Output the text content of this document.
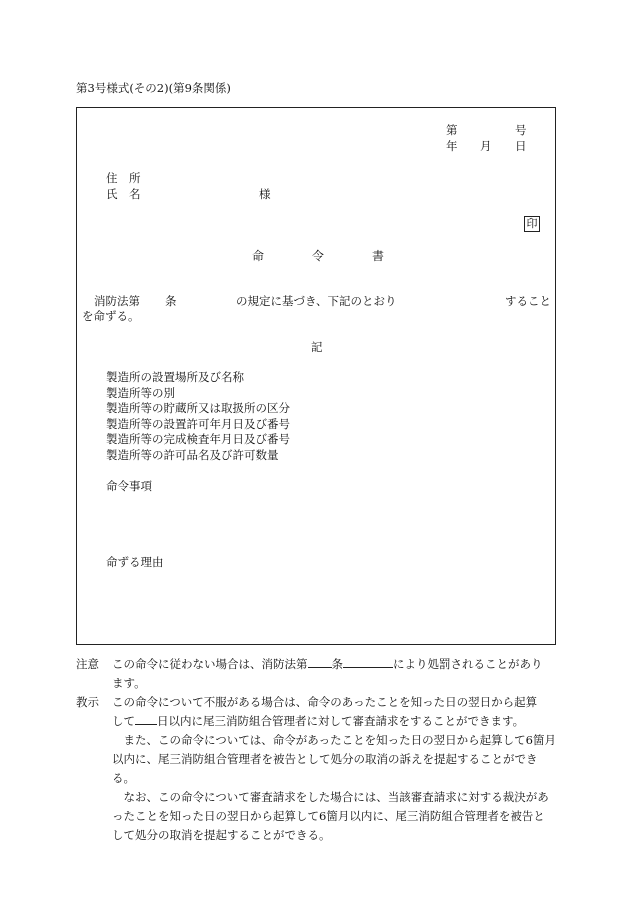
第3号様式(その2)(第9条関係)
第	号
年 月 日
住　所
氏　名	様
印
命	令	書
消防法第 条	の規定に基づき、下記のとおり	すること
を命ずる。
記
製造所の設置場所及び名称
製造所等の別
製造所等の貯蔵所又は取扱所の区分
製造所等の設置許可年月日及び番号
製造所等の完成検査年月日及び番号
製造所等の許可品名及び許可数量
命令事項
命ずる理由
注意 この命令に従わない場合は、消防法第 条	により処罰されることがあり
ます。
教示 この命令について不服がある場合は、命令のあったことを知った日の翌日から起算
して 日以内に尾三消防組合管理者に対して審査請求をすることができます。
また、この命令については、命令があったことを知った日の翌日から起算して6箇月以内に、尾三消防組合管理者を被告として処分の取消の訴えを提起することができる。
なお、この命令について審査請求をした場合には、当該審査請求に対する裁決があったことを知った日の翌日から起算して6箇月以内に、尾三消防組合管理者を被告として処分の取消を提起することができる。
